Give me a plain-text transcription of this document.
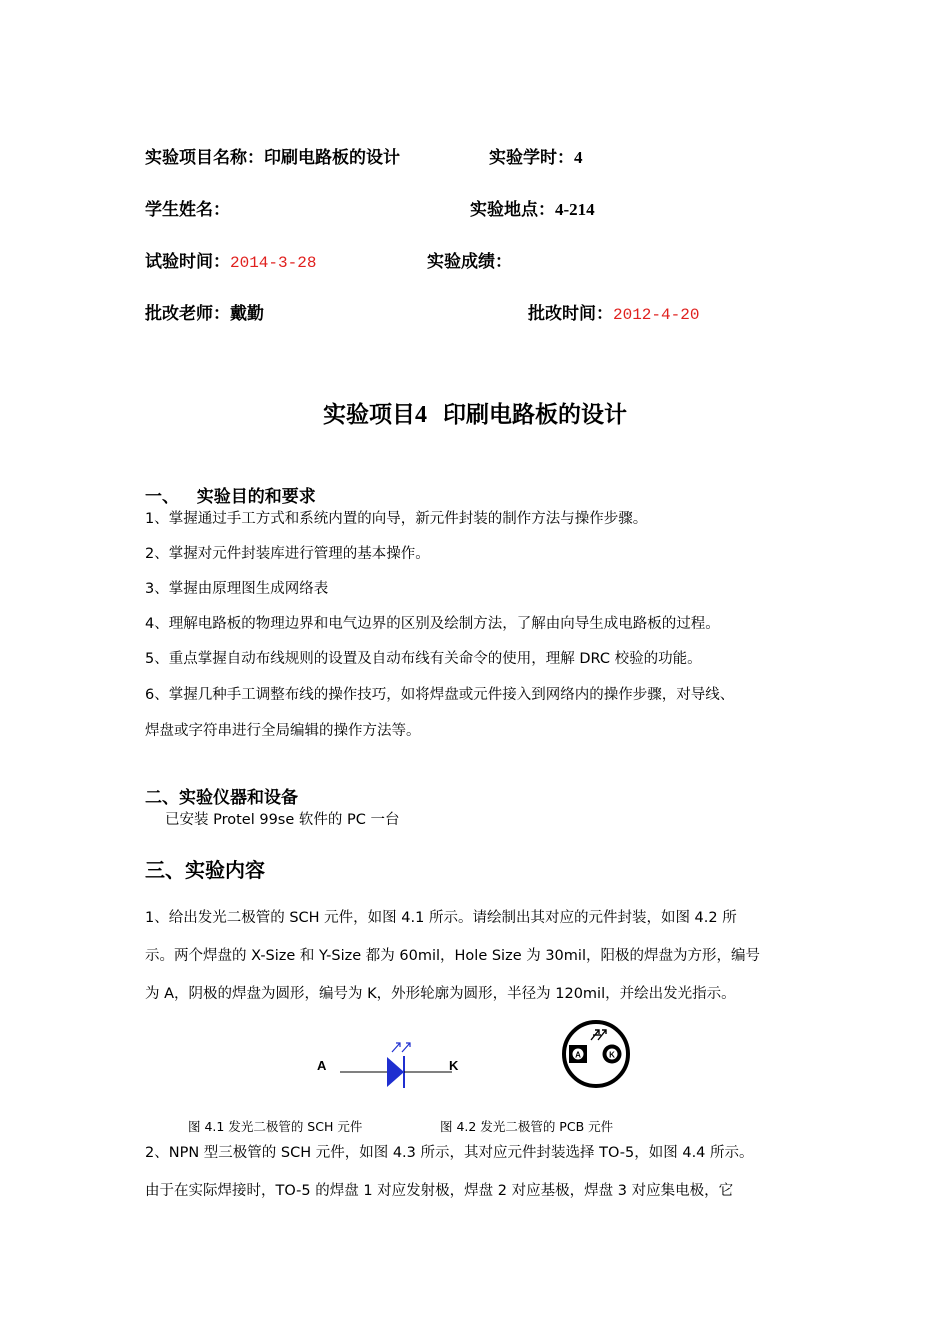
实验项目名称：印刷电路板的设计	实验学时：4
学生姓名：	实验地点：4-214
试验时间：2014-3-28	实验成绩：
批改老师：戴勤	批改时间：2012-4-20
实验项目4 印刷电路板的设计
一、   实验目的和要求
1、掌握通过手工方式和系统内置的向导，新元件封装的制作方法与操作步骤。
2、掌握对元件封装库进行管理的基本操作。
3、掌握由原理图生成网络表
4、理解电路板的物理边界和电气边界的区别及绘制方法，了解由向导生成电路板的过程。
5、重点掌握自动布线规则的设置及自动布线有关命令的使用，理解 DRC 校验的功能。
6、掌握几种手工调整布线的操作技巧，如将焊盘或元件接入到网络内的操作步骤，对导线、
焊盘或字符串进行全局编辑的操作方法等。
二、实验仪器和设备
已安装 Protel 99se 软件的 PC 一台
三、实验内容
1、给出发光二极管的 SCH 元件，如图 4.1 所示。请绘制出其对应的元件封装，如图 4.2 所
示。两个焊盘的 X-Size 和 Y-Size 都为 60mil，Hole Size 为 30mil，阳极的焊盘为方形，编号
为 A，阴极的焊盘为圆形，编号为 K，外形轮廓为圆形，半径为 120mil，并绘出发光指示。
A	K
A	K
图 4.1 发光二极管的 SCH 元件	图 4.2 发光二极管的 PCB 元件
2、NPN 型三极管的 SCH 元件，如图 4.3 所示，其对应元件封装选择 TO-5，如图 4.4 所示。
由于在实际焊接时，TO-5 的焊盘 1 对应发射极，焊盘 2 对应基极，焊盘 3 对应集电极，它
